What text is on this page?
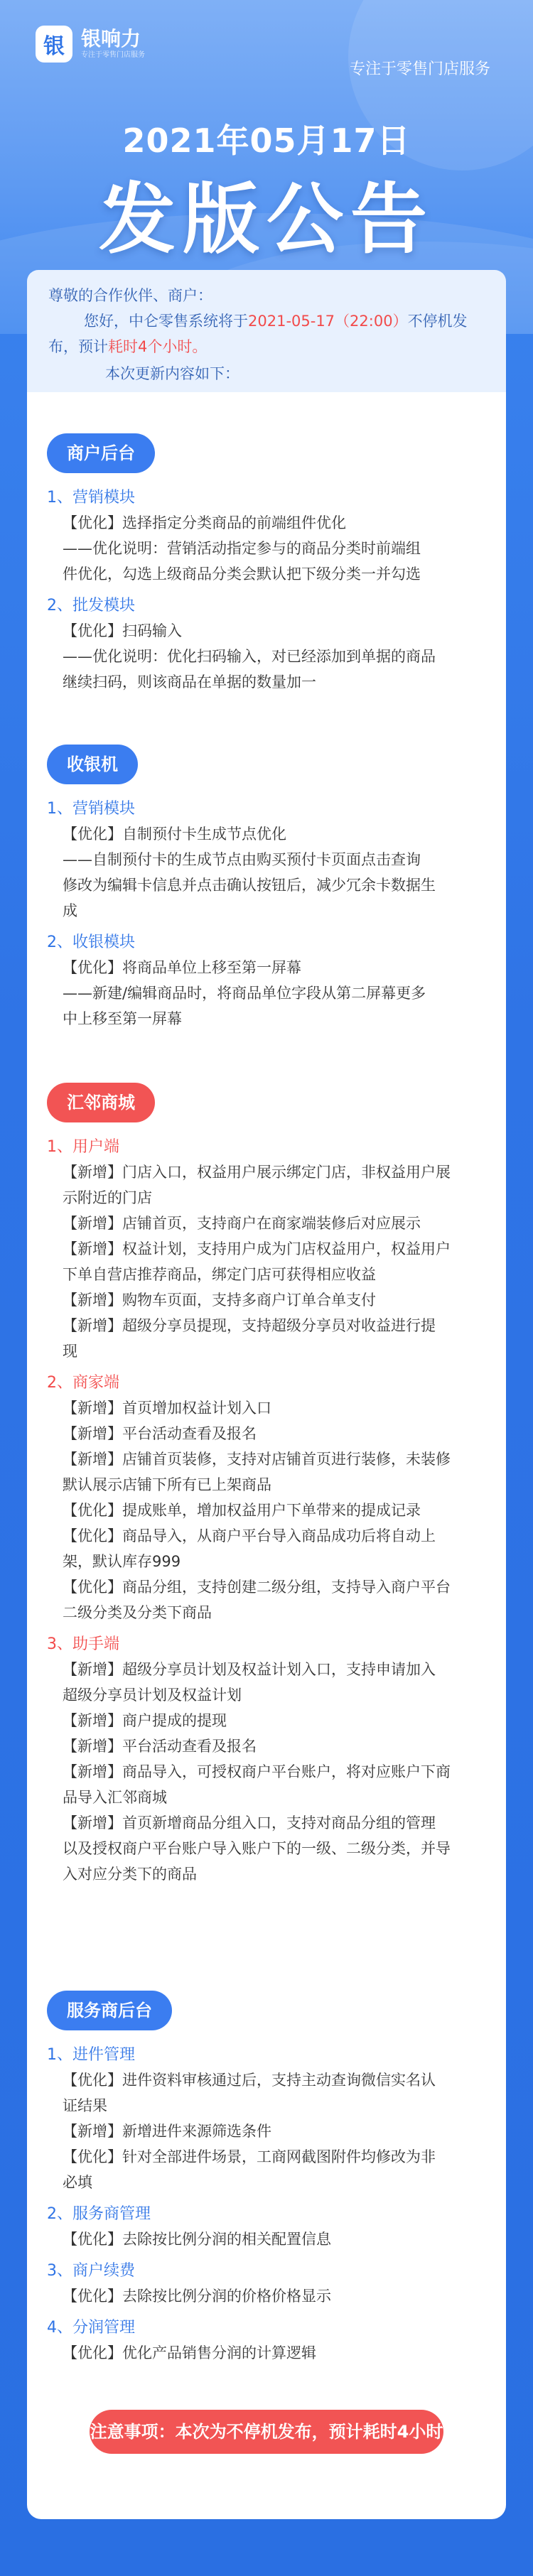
银 银响力
专注于零售门店服务
专注于零售门店服务
2021年05月17日
发版公告
尊敬的合作伙伴、商户：
您好，中仑零售系统将于2021-05-17（22:00）不停机发
布，预计耗时4个小时。
本次更新内容如下：
商户后台
1、营销模块
【优化】选择指定分类商品的前端组件优化
——优化说明：营销活动指定参与的商品分类时前端组
件优化，勾选上级商品分类会默认把下级分类一并勾选
2、批发模块
【优化】扫码输入
——优化说明：优化扫码输入，对已经添加到单据的商品
继续扫码，则该商品在单据的数量加一
收银机
1、营销模块
【优化】自制预付卡生成节点优化
——自制预付卡的生成节点由购买预付卡页面点击查询
修改为编辑卡信息并点击确认按钮后，减少冗余卡数据生
成
2、收银模块
【优化】将商品单位上移至第一屏幕
——新建/编辑商品时，将商品单位字段从第二屏幕更多
中上移至第一屏幕
汇邻商城
1、用户端
【新增】门店入口，权益用户展示绑定门店，非权益用户展
示附近的门店
【新增】店铺首页，支持商户在商家端装修后对应展示
【新增】权益计划，支持用户成为门店权益用户，权益用户
下单自营店推荐商品，绑定门店可获得相应收益
【新增】购物车页面，支持多商户订单合单支付
【新增】超级分享员提现，支持超级分享员对收益进行提
现
2、商家端
【新增】首页增加权益计划入口
【新增】平台活动查看及报名
【新增】店铺首页装修，支持对店铺首页进行装修，未装修
默认展示店铺下所有已上架商品
【优化】提成账单，增加权益用户下单带来的提成记录
【优化】商品导入，从商户平台导入商品成功后将自动上
架，默认库存999
【优化】商品分组，支持创建二级分组，支持导入商户平台
二级分类及分类下商品
3、助手端
【新增】超级分享员计划及权益计划入口，支持申请加入
超级分享员计划及权益计划
【新增】商户提成的提现
【新增】平台活动查看及报名
【新增】商品导入，可授权商户平台账户，将对应账户下商
品导入汇邻商城
【新增】首页新增商品分组入口，支持对商品分组的管理
以及授权商户平台账户导入账户下的一级、二级分类，并导
入对应分类下的商品
服务商后台
1、进件管理
【优化】进件资料审核通过后，支持主动查询微信实名认
证结果
【新增】新增进件来源筛选条件
【优化】针对全部进件场景，工商网截图附件均修改为非
必填
2、服务商管理
【优化】去除按比例分润的相关配置信息
3、商户续费
【优化】去除按比例分润的价格价格显示
4、分润管理
【优化】优化产品销售分润的计算逻辑
注意事项：本次为不停机发布，预计耗时4小时
